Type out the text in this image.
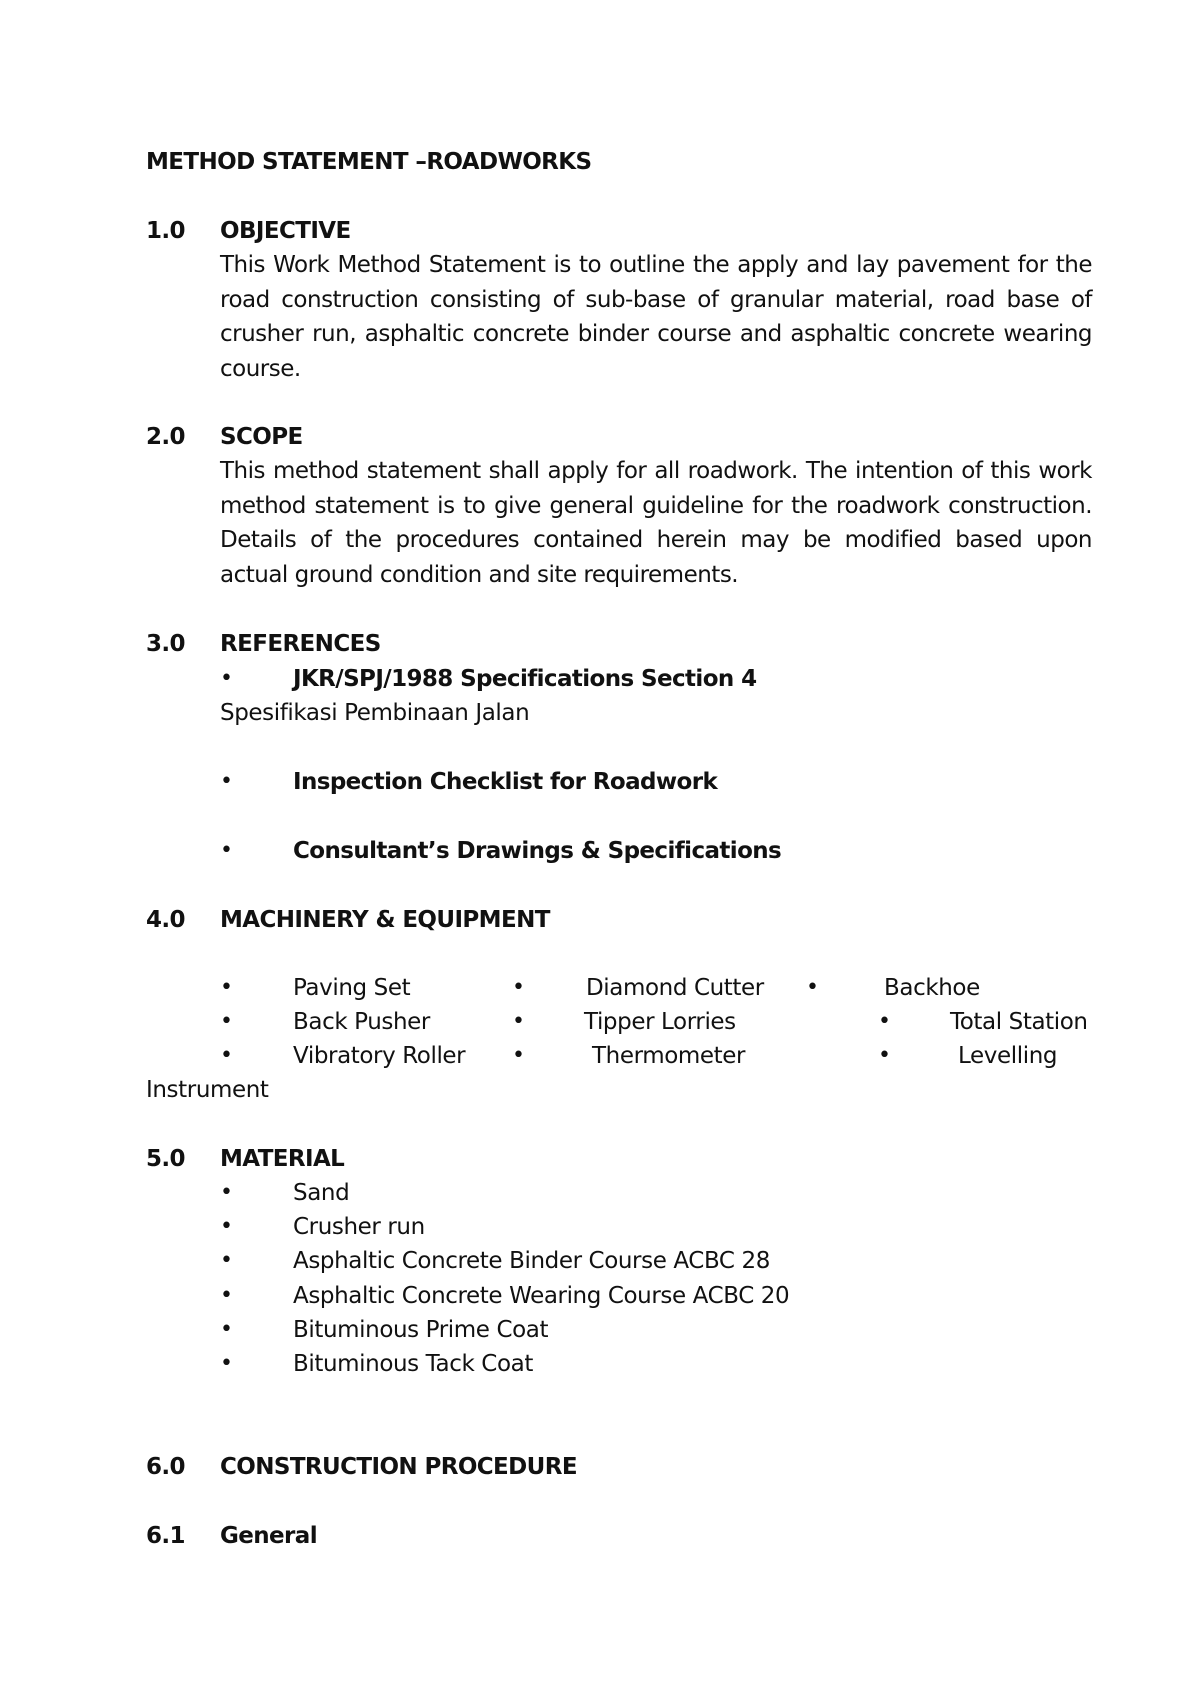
METHOD STATEMENT –ROADWORKS
1.0 OBJECTIVE
This Work Method Statement is to outline the apply and lay pavement for the road construction consisting of sub-base of granular material, road base of crusher run, asphaltic concrete binder course and asphaltic concrete wearing course.
2.0 SCOPE
This method statement shall apply for all roadwork. The intention of this work method statement is to give general guideline for the roadwork construction. Details of the procedures contained herein may be modified based upon actual ground condition and site requirements.
3.0 REFERENCES
•	JKR/SPJ/1988 Specifications Section 4
Spesifikasi Pembinaan Jalan
•	Inspection Checklist for Roadwork
•	Consultant’s Drawings & Specifications
4.0 MACHINERY & EQUIPMENT
•	Paving Set	•	Diamond Cutter •	Backhoe
•	Back Pusher	•	Tipper Lorries	•	Total Station
•	Vibratory Roller •	Thermometer	•	Levelling
Instrument
5.0 MATERIAL
•	Sand
•	Crusher run
•	Asphaltic Concrete Binder Course ACBC 28
•	Asphaltic Concrete Wearing Course ACBC 20
•	Bituminous Prime Coat
•	Bituminous Tack Coat
6.0 CONSTRUCTION PROCEDURE
6.1 General
